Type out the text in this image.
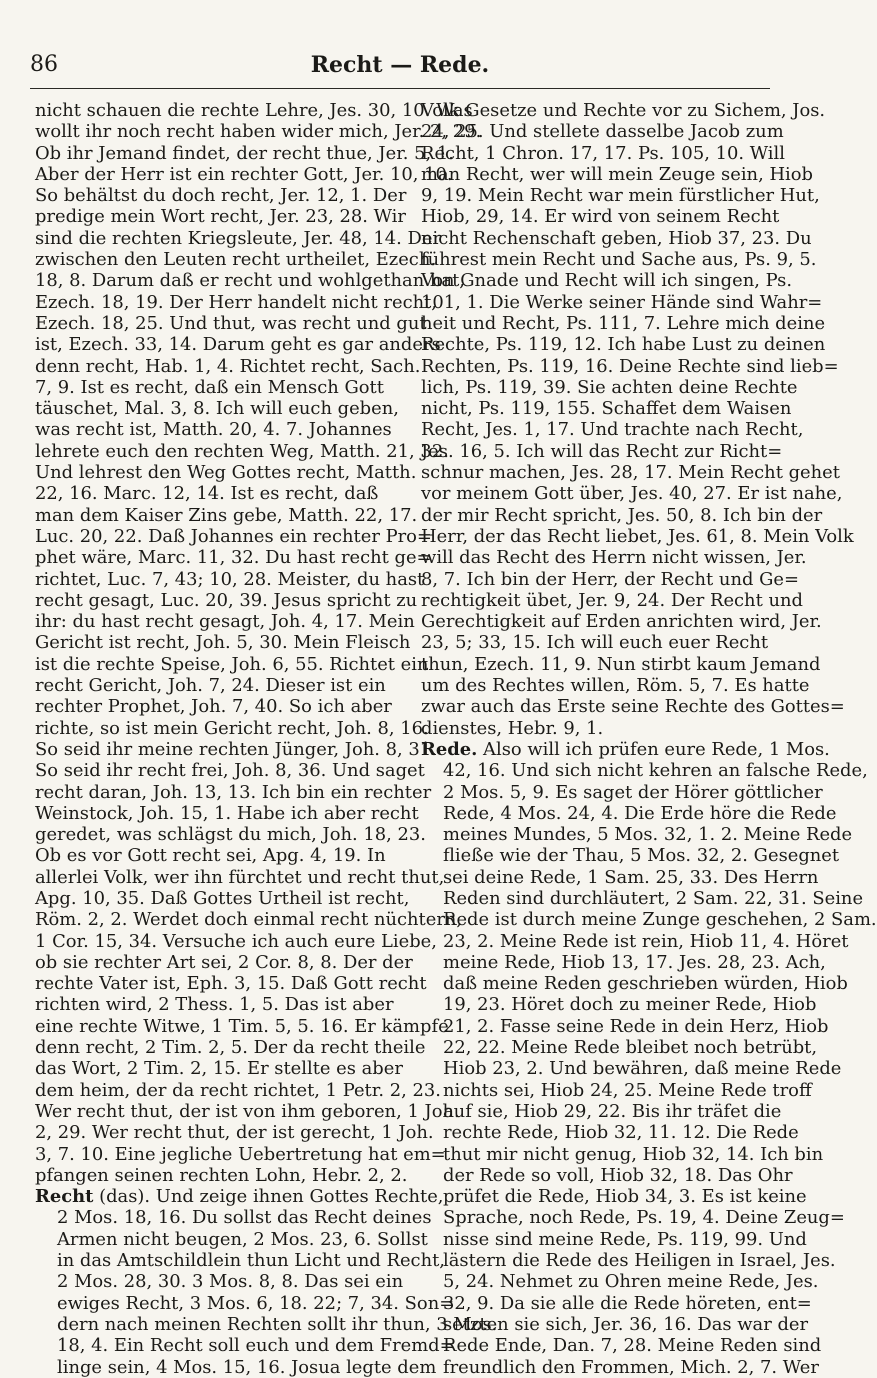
86	Recht — Rede.
nicht schauen die rechte Lehre, Jes. 30, 10. Was
wollt ihr noch recht haben wider mich, Jer. 2, 29.
Ob ihr Jemand findet, der recht thue, Jer. 5, 1.
Aber der Herr ist ein rechter Gott, Jer. 10, 10.
So behältst du doch recht, Jer. 12, 1. Der
predige mein Wort recht, Jer. 23, 28. Wir
sind die rechten Kriegsleute, Jer. 48, 14. Der
zwischen den Leuten recht urtheilet, Ezech.
18, 8. Darum daß er recht und wohlgethan hat,
Ezech. 18, 19. Der Herr handelt nicht recht,
Ezech. 18, 25. Und thut, was recht und gut
ist, Ezech. 33, 14. Darum geht es gar anders
denn recht, Hab. 1, 4. Richtet recht, Sach.
7, 9. Ist es recht, daß ein Mensch Gott
täuschet, Mal. 3, 8. Ich will euch geben,
was recht ist, Matth. 20, 4. 7. Johannes
lehrete euch den rechten Weg, Matth. 21, 32.
Und lehrest den Weg Gottes recht, Matth.
22, 16. Marc. 12, 14. Ist es recht, daß
man dem Kaiser Zins gebe, Matth. 22, 17.
Luc. 20, 22. Daß Johannes ein rechter Pro=
phet wäre, Marc. 11, 32. Du hast recht ge=
richtet, Luc. 7, 43; 10, 28. Meister, du hast
recht gesagt, Luc. 20, 39. Jesus spricht zu
ihr: du hast recht gesagt, Joh. 4, 17. Mein
Gericht ist recht, Joh. 5, 30. Mein Fleisch
ist die rechte Speise, Joh. 6, 55. Richtet ein
recht Gericht, Joh. 7, 24. Dieser ist ein
rechter Prophet, Joh. 7, 40. So ich aber
richte, so ist mein Gericht recht, Joh. 8, 16.
So seid ihr meine rechten Jünger, Joh. 8, 31.
So seid ihr recht frei, Joh. 8, 36. Und saget
recht daran, Joh. 13, 13. Ich bin ein rechter
Weinstock, Joh. 15, 1. Habe ich aber recht
geredet, was schlägst du mich, Joh. 18, 23.
Ob es vor Gott recht sei, Apg. 4, 19. In
allerlei Volk, wer ihn fürchtet und recht thut,
Apg. 10, 35. Daß Gottes Urtheil ist recht,
Röm. 2, 2. Werdet doch einmal recht nüchtern,
1 Cor. 15, 34. Versuche ich auch eure Liebe,
ob sie rechter Art sei, 2 Cor. 8, 8. Der der
rechte Vater ist, Eph. 3, 15. Daß Gott recht
richten wird, 2 Thess. 1, 5. Das ist aber
eine rechte Witwe, 1 Tim. 5, 5. 16. Er kämpfe
denn recht, 2 Tim. 2, 5. Der da recht theile
das Wort, 2 Tim. 2, 15. Er stellte es aber
dem heim, der da recht richtet, 1 Petr. 2, 23.
Wer recht thut, der ist von ihm geboren, 1 Joh.
2, 29. Wer recht thut, der ist gerecht, 1 Joh.
3, 7. 10. Eine jegliche Uebertretung hat em=
pfangen seinen rechten Lohn, Hebr. 2, 2.
Recht (das). Und zeige ihnen Gottes Rechte,
2 Mos. 18, 16. Du sollst das Recht deines
Armen nicht beugen, 2 Mos. 23, 6. Sollst
in das Amtschildlein thun Licht und Recht,
2 Mos. 28, 30. 3 Mos. 8, 8. Das sei ein
ewiges Recht, 3 Mos. 6, 18. 22; 7, 34. Son=
dern nach meinen Rechten sollt ihr thun, 3 Mos.
18, 4. Ein Recht soll euch und dem Fremd=
linge sein, 4 Mos. 15, 16. Josua legte dem
Volk Gesetze und Rechte vor zu Sichem, Jos.
24, 25. Und stellete dasselbe Jacob zum
Recht, 1 Chron. 17, 17. Ps. 105, 10. Will
man Recht, wer will mein Zeuge sein, Hiob
9, 19. Mein Recht war mein fürstlicher Hut,
Hiob, 29, 14. Er wird von seinem Recht
nicht Rechenschaft geben, Hiob 37, 23. Du
führest mein Recht und Sache aus, Ps. 9, 5.
Von Gnade und Recht will ich singen, Ps.
101, 1. Die Werke seiner Hände sind Wahr=
heit und Recht, Ps. 111, 7. Lehre mich deine
Rechte, Ps. 119, 12. Ich habe Lust zu deinen
Rechten, Ps. 119, 16. Deine Rechte sind lieb=
lich, Ps. 119, 39. Sie achten deine Rechte
nicht, Ps. 119, 155. Schaffet dem Waisen
Recht, Jes. 1, 17. Und trachte nach Recht,
Jes. 16, 5. Ich will das Recht zur Richt=
schnur machen, Jes. 28, 17. Mein Recht gehet
vor meinem Gott über, Jes. 40, 27. Er ist nahe,
der mir Recht spricht, Jes. 50, 8. Ich bin der
Herr, der das Recht liebet, Jes. 61, 8. Mein Volk
will das Recht des Herrn nicht wissen, Jer.
8, 7. Ich bin der Herr, der Recht und Ge=
rechtigkeit übet, Jer. 9, 24. Der Recht und
Gerechtigkeit auf Erden anrichten wird, Jer.
23, 5; 33, 15. Ich will euch euer Recht
thun, Ezech. 11, 9. Nun stirbt kaum Jemand
um des Rechtes willen, Röm. 5, 7. Es hatte
zwar auch das Erste seine Rechte des Gottes=
dienstes, Hebr. 9, 1.
Rede. Also will ich prüfen eure Rede, 1 Mos.
42, 16. Und sich nicht kehren an falsche Rede,
2 Mos. 5, 9. Es saget der Hörer göttlicher
Rede, 4 Mos. 24, 4. Die Erde höre die Rede
meines Mundes, 5 Mos. 32, 1. 2. Meine Rede
fließe wie der Thau, 5 Mos. 32, 2. Gesegnet
sei deine Rede, 1 Sam. 25, 33. Des Herrn
Reden sind durchläutert, 2 Sam. 22, 31. Seine
Rede ist durch meine Zunge geschehen, 2 Sam.
23, 2. Meine Rede ist rein, Hiob 11, 4. Höret
meine Rede, Hiob 13, 17. Jes. 28, 23. Ach,
daß meine Reden geschrieben würden, Hiob
19, 23. Höret doch zu meiner Rede, Hiob
21, 2. Fasse seine Rede in dein Herz, Hiob
22, 22. Meine Rede bleibet noch betrübt,
Hiob 23, 2. Und bewähren, daß meine Rede
nichts sei, Hiob 24, 25. Meine Rede troff
auf sie, Hiob 29, 22. Bis ihr träfet die
rechte Rede, Hiob 32, 11. 12. Die Rede
thut mir nicht genug, Hiob 32, 14. Ich bin
der Rede so voll, Hiob 32, 18. Das Ohr
prüfet die Rede, Hiob 34, 3. Es ist keine
Sprache, noch Rede, Ps. 19, 4. Deine Zeug=
nisse sind meine Rede, Ps. 119, 99. Und
lästern die Rede des Heiligen in Israel, Jes.
5, 24. Nehmet zu Ohren meine Rede, Jes.
32, 9. Da sie alle die Rede höreten, ent=
setzten sie sich, Jer. 36, 16. Das war der
Rede Ende, Dan. 7, 28. Meine Reden sind
freundlich den Frommen, Mich. 2, 7. Wer
